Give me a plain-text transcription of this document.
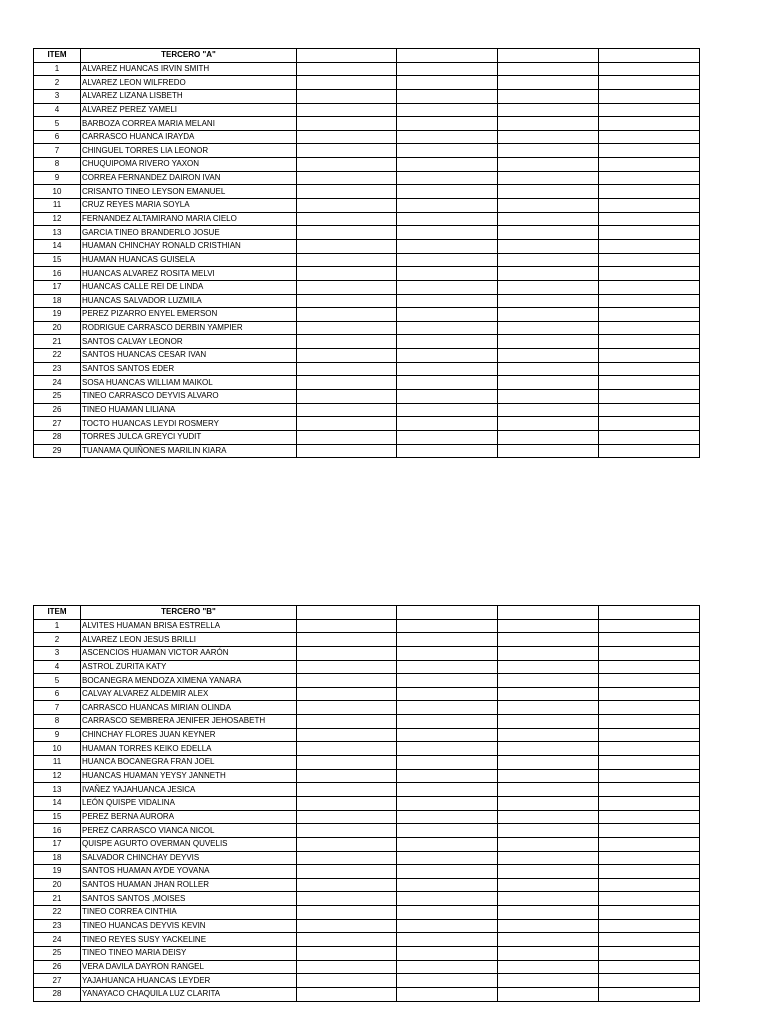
ITEM	TERCERO "A"				
1	ALVAREZ HUANCAS IRVIN SMITH				
2	ALVAREZ LEON WILFREDO				
3	ALVAREZ LIZANA LISBETH				
4	ALVAREZ PEREZ YAMELI				
5	BARBOZA CORREA MARIA MELANI				
6	CARRASCO HUANCA IRAYDA				
7	CHINGUEL TORRES LIA LEONOR				
8	CHUQUIPOMA RIVERO YAXON				
9	CORREA FERNANDEZ DAIRON IVAN				
10	CRISANTO TINEO LEYSON EMANUEL				
11	CRUZ REYES MARIA SOYLA				
12	FERNANDEZ ALTAMIRANO MARIA CIELO				
13	GARCIA TINEO BRANDERLO JOSUE				
14	HUAMAN CHINCHAY RONALD CRISTHIAN				
15	HUAMAN HUANCAS GUISELA				
16	HUANCAS ALVAREZ ROSITA MELVI				
17	HUANCAS CALLE REI DE LINDA				
18	HUANCAS SALVADOR LUZMILA				
19	PEREZ PIZARRO ENYEL EMERSON				
20	RODRIGUE CARRASCO DERBIN YAMPIER				
21	SANTOS CALVAY LEONOR				
22	SANTOS HUANCAS CESAR IVAN				
23	SANTOS SANTOS EDER				
24	SOSA HUANCAS WILLIAM MAIKOL				
25	TINEO CARRASCO DEYVIS ALVARO				
26	TINEO HUAMAN LILIANA				
27	TOCTO HUANCAS LEYDI ROSMERY				
28	TORRES JULCA GREYCI YUDIT				
29	TUANAMA QUIÑONES MARILIN KIARA				
ITEM	TERCERO "B"				
1	ALVITES HUAMAN BRISA ESTRELLA				
2	ALVAREZ LEON JESUS BRILLI				
3	ASCENCIOS HUAMAN VICTOR AARÓN				
4	ASTROL ZURITA KATY				
5	BOCANEGRA MENDOZA XIMENA YANARA				
6	CALVAY ALVAREZ ALDEMIR ALEX				
7	CARRASCO HUANCAS MIRIAN OLINDA				
8	CARRASCO SEMBRERA JENIFER JEHOSABETH				
9	CHINCHAY FLORES JUAN KEYNER				
10	HUAMAN TORRES KEIKO EDELLA				
11	HUANCA BOCANEGRA FRAN JOEL				
12	HUANCAS HUAMAN YEYSY JANNETH				
13	IVAÑEZ YAJAHUANCA JESICA				
14	LEÓN QUISPE VIDALINA				
15	PEREZ BERNA AURORA				
16	PEREZ CARRASCO VIANCA NICOL				
17	QUISPE AGURTO OVERMAN QUVELIS				
18	SALVADOR CHINCHAY DEYVIS				
19	SANTOS HUAMAN AYDE YOVANA				
20	SANTOS HUAMAN JHAN ROLLER				
21	SANTOS SANTOS ,MOISES				
22	TINEO CORREA CINTHIA				
23	TINEO HUANCAS DEYVIS KEVIN				
24	TINEO REYES SUSY YACKELINE				
25	TINEO TINEO MARIA DEISY				
26	VERA DAVILA DAYRON RANGEL				
27	YAJAHUANCA HUANCAS LEYDER				
28	YANAYACO CHAQUILA LUZ CLARITA				
